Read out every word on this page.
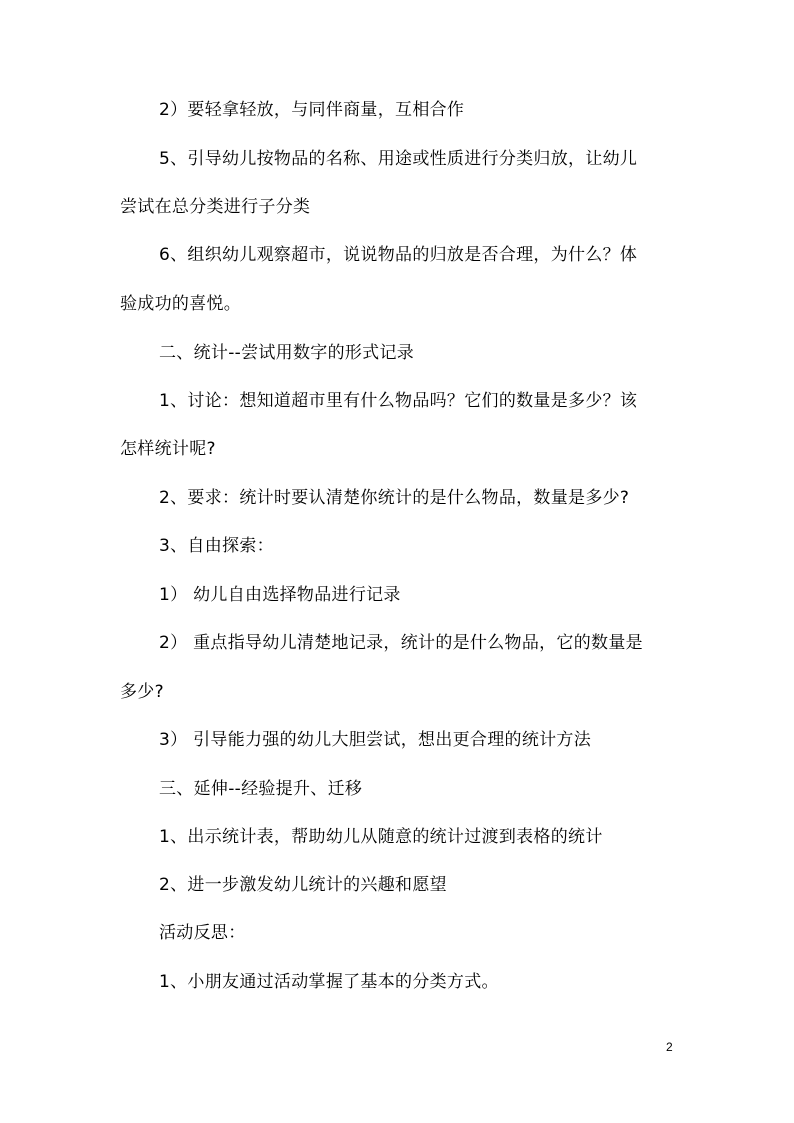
2）要轻拿轻放，与同伴商量，互相合作
5、引导幼儿按物品的名称、用途或性质进行分类归放，让幼儿
尝试在总分类进行子分类
6、组织幼儿观察超市，说说物品的归放是否合理，为什么？体
验成功的喜悦。
二、统计--尝试用数字的形式记录
1、讨论：想知道超市里有什么物品吗？它们的数量是多少？该
怎样统计呢?
2、要求：统计时要认清楚你统计的是什么物品，数量是多少?
3、自由探索：
1） 幼儿自由选择物品进行记录
2） 重点指导幼儿清楚地记录，统计的是什么物品，它的数量是
多少?
3） 引导能力强的幼儿大胆尝试，想出更合理的统计方法
三、延伸--经验提升、迁移
1、出示统计表，帮助幼儿从随意的统计过渡到表格的统计
2、进一步激发幼儿统计的兴趣和愿望
活动反思：
1、小朋友通过活动掌握了基本的分类方式。
2
